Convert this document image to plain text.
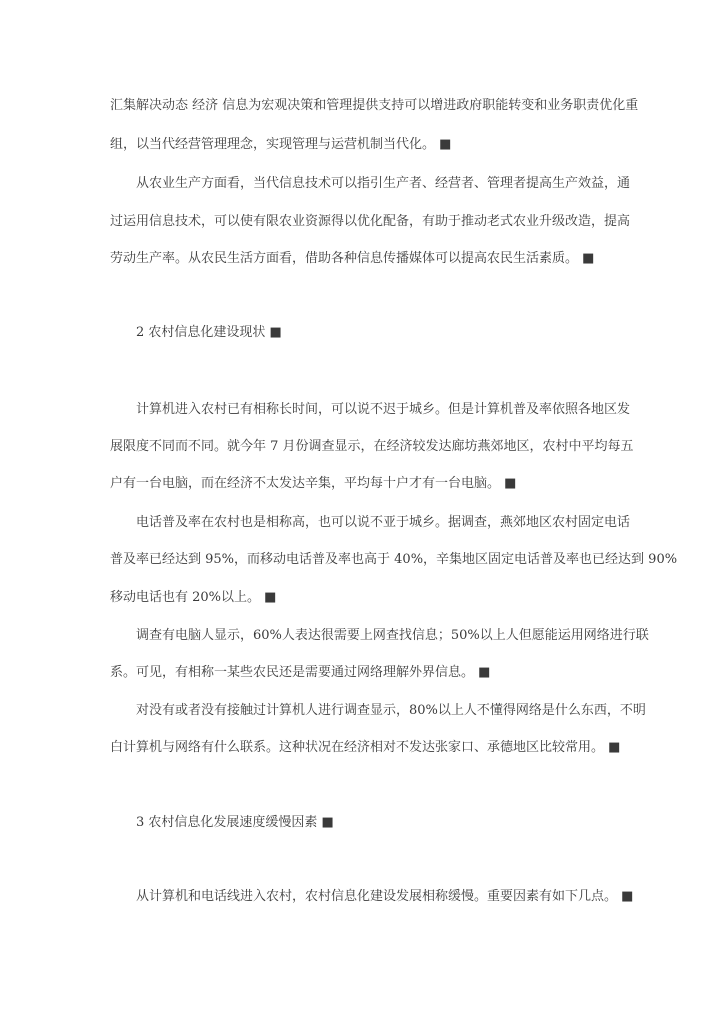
汇集解决动态 经济 信息为宏观决策和管理提供支持可以增进政府职能转变和业务职责优化重
组，以当代经营管理理念，实现管理与运营机制当代化。 ■
从农业生产方面看，当代信息技术可以指引生产者、经营者、管理者提高生产效益，通
过运用信息技术，可以使有限农业资源得以优化配备，有助于推动老式农业升级改造，提高
劳动生产率。从农民生活方面看，借助各种信息传播媒体可以提高农民生活素质。 ■
2 农村信息化建设现状 ■
计算机进入农村已有相称长时间，可以说不迟于城乡。但是计算机普及率依照各地区发
展限度不同而不同。就今年 7 月份调查显示，在经济较发达廊坊燕郊地区，农村中平均每五
户有一台电脑，而在经济不太发达辛集，平均每十户才有一台电脑。 ■
电话普及率在农村也是相称高，也可以说不亚于城乡。据调查，燕郊地区农村固定电话
普及率已经达到 95%，而移动电话普及率也高于 40%，辛集地区固定电话普及率也已经达到 90%
移动电话也有 20%以上。 ■
调查有电脑人显示，60%人表达很需要上网查找信息；50%以上人但愿能运用网络进行联
系。可见，有相称一某些农民还是需要通过网络理解外界信息。 ■
对没有或者没有接触过计算机人进行调查显示，80%以上人不懂得网络是什么东西，不明
白计算机与网络有什么联系。这种状况在经济相对不发达张家口、承德地区比较常用。 ■
3 农村信息化发展速度缓慢因素 ■
从计算机和电话线进入农村，农村信息化建设发展相称缓慢。重要因素有如下几点。 ■
